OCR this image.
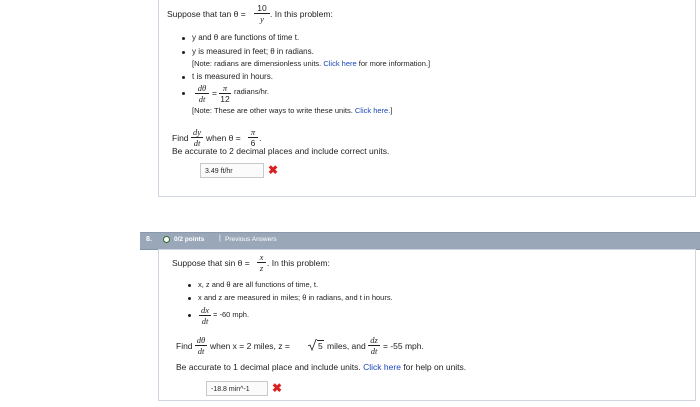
Suppose that $\tan \theta = \frac{10}{y}$ . In this problem:
y and θ are functions of time t.
y is measured in feet; θ in radians.
[Note: radians are dimensionless units. Click here for more information.]
t is measured in hours.
$\frac{d\theta}{dt} = \frac{\pi}{12}$ radians/hr.
[Note: These are other ways to write these units. Click here.]
Find $\frac{dy}{dt}$ when $\theta = \frac{\pi}{6}$ .
Be accurate to 2 decimal places and include correct units.
3.49 ft/hr	✖
8.	0/2 points | Previous Answers
Suppose that $\sin \theta = \frac{x}{z}$ . In this problem:
x, z and θ are all functions of time, t.
x and z are measured in miles; θ in radians, and t in hours.
$\frac{dx}{dt} = -60$ mph.
Find $\frac{d\theta}{dt}$ when x = 2 miles, z =	5 miles, and $\frac{dz}{dt} = -55$ mph.
Be accurate to 1 decimal place and include units. Click here for help on units.
-18.8 min^-1	✖
